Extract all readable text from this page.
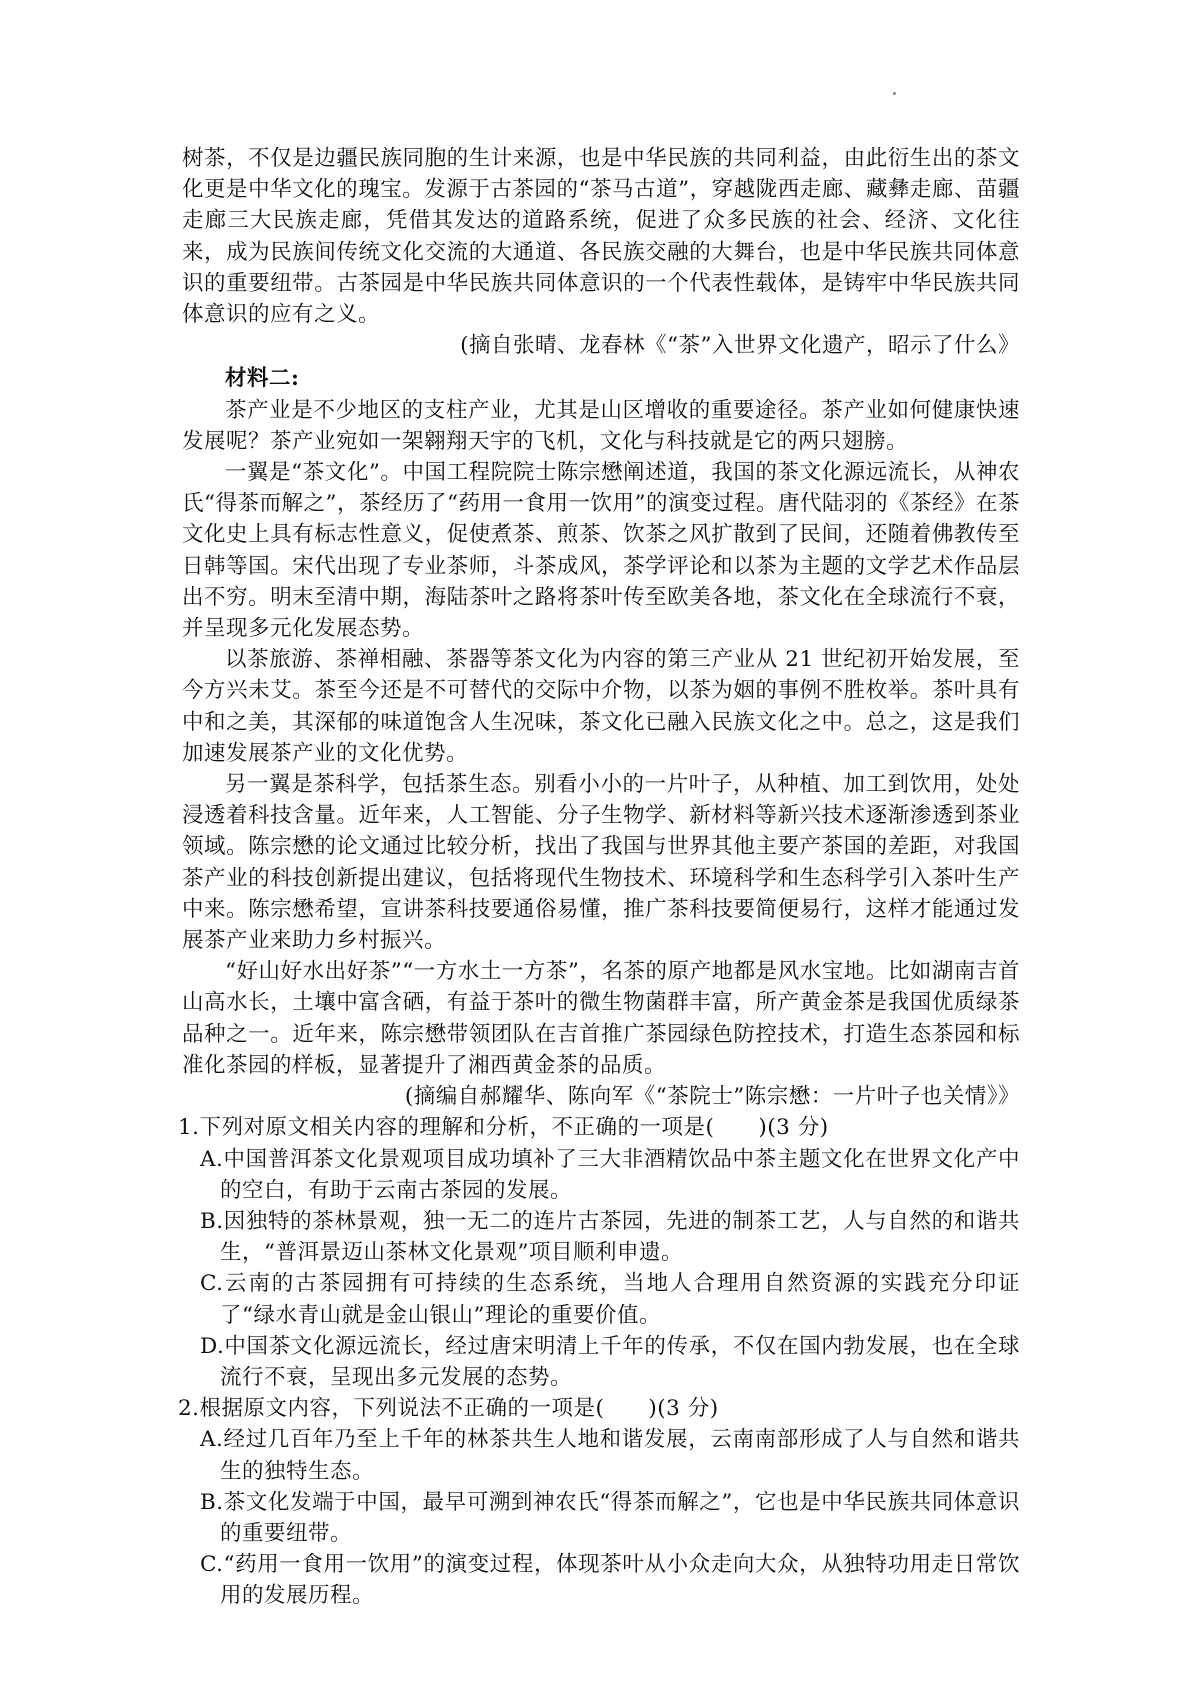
树茶，不仅是边疆民族同胞的生计来源，也是中华民族的共同利益，由此衍生出的茶文化更是中华文化的瑰宝。发源于古茶园的“茶马古道”，穿越陇西走廊、藏彝走廊、苗疆走廊三大民族走廊，凭借其发达的道路系统，促进了众多民族的社会、经济、文化往来，成为民族间传统文化交流的大通道、各民族交融的大舞台，也是中华民族共同体意识的重要纽带。古茶园是中华民族共同体意识的一个代表性载体，是铸牢中华民族共同体意识的应有之义。

(摘自张晴、龙春林《“茶”入世界文化遗产，昭示了什么》

材料二:

茶产业是不少地区的支柱产业，尤其是山区增收的重要途径。茶产业如何健康快速发展呢？茶产业宛如一架翱翔天宇的飞机，文化与科技就是它的两只翅膀。

一翼是“茶文化”。中国工程院院士陈宗懋阐述道，我国的茶文化源远流长，从神农氏“得茶而解之”，茶经历了“药用一食用一饮用”的演变过程。唐代陆羽的《茶经》在茶文化史上具有标志性意义，促使煮茶、煎茶、饮茶之风扩散到了民间，还随着佛教传至日韩等国。宋代出现了专业茶师，斗茶成风，茶学评论和以茶为主题的文学艺术作品层出不穷。明末至清中期，海陆茶叶之路将茶叶传至欧美各地，茶文化在全球流行不衰，并呈现多元化发展态势。

以茶旅游、茶禅相融、茶器等茶文化为内容的第三产业从 21 世纪初开始发展，至今方兴未艾。茶至今还是不可替代的交际中介物，以茶为姻的事例不胜枚举。茶叶具有中和之美，其深郁的味道饱含人生况味，茶文化已融入民族文化之中。总之，这是我们加速发展茶产业的文化优势。

另一翼是茶科学，包括茶生态。别看小小的一片叶子，从种植、加工到饮用，处处浸透着科技含量。近年来，人工智能、分子生物学、新材料等新兴技术逐渐渗透到茶业领域。陈宗懋的论文通过比较分析，找出了我国与世界其他主要产茶国的差距，对我国茶产业的科技创新提出建议，包括将现代生物技术、环境科学和生态科学引入茶叶生产中来。陈宗懋希望，宣讲茶科技要通俗易懂，推广茶科技要简便易行，这样才能通过发展茶产业来助力乡村振兴。

“好山好水出好茶”“一方水土一方茶”，名茶的原产地都是风水宝地。比如湖南吉首山高水长，土壤中富含硒，有益于茶叶的微生物菌群丰富，所产黄金茶是我国优质绿茶品种之一。近年来，陈宗懋带领团队在吉首推广茶园绿色防控技术，打造生态茶园和标准化茶园的样板，显著提升了湘西黄金茶的品质。

(摘编自郝耀华、陈向军《“茶院士”陈宗懋：一片叶子也关情》》

1.下列对原文相关内容的理解和分析，不正确的一项是(　　)(3 分)

A.中国普洱茶文化景观项目成功填补了三大非酒精饮品中茶主题文化在世界文化产中的空白，有助于云南古茶园的发展。

B.因独特的茶林景观，独一无二的连片古茶园，先进的制茶工艺，人与自然的和谐共生，“普洱景迈山茶林文化景观”项目顺利申遗。

C.云南的古茶园拥有可持续的生态系统，当地人合理用自然资源的实践充分印证了“绿水青山就是金山银山”理论的重要价值。

D.中国茶文化源远流长，经过唐宋明清上千年的传承，不仅在国内勃发展，也在全球流行不衰，呈现出多元发展的态势。

2.根据原文内容，下列说法不正确的一项是(　　)(3 分)

A.经过几百年乃至上千年的林茶共生人地和谐发展，云南南部形成了人与自然和谐共生的独特生态。

B.茶文化发端于中国，最早可溯到神农氏“得茶而解之”，它也是中华民族共同体意识的重要纽带。

C.“药用一食用一饮用”的演变过程，体现茶叶从小众走向大众，从独特功用走日常饮用的发展历程。
